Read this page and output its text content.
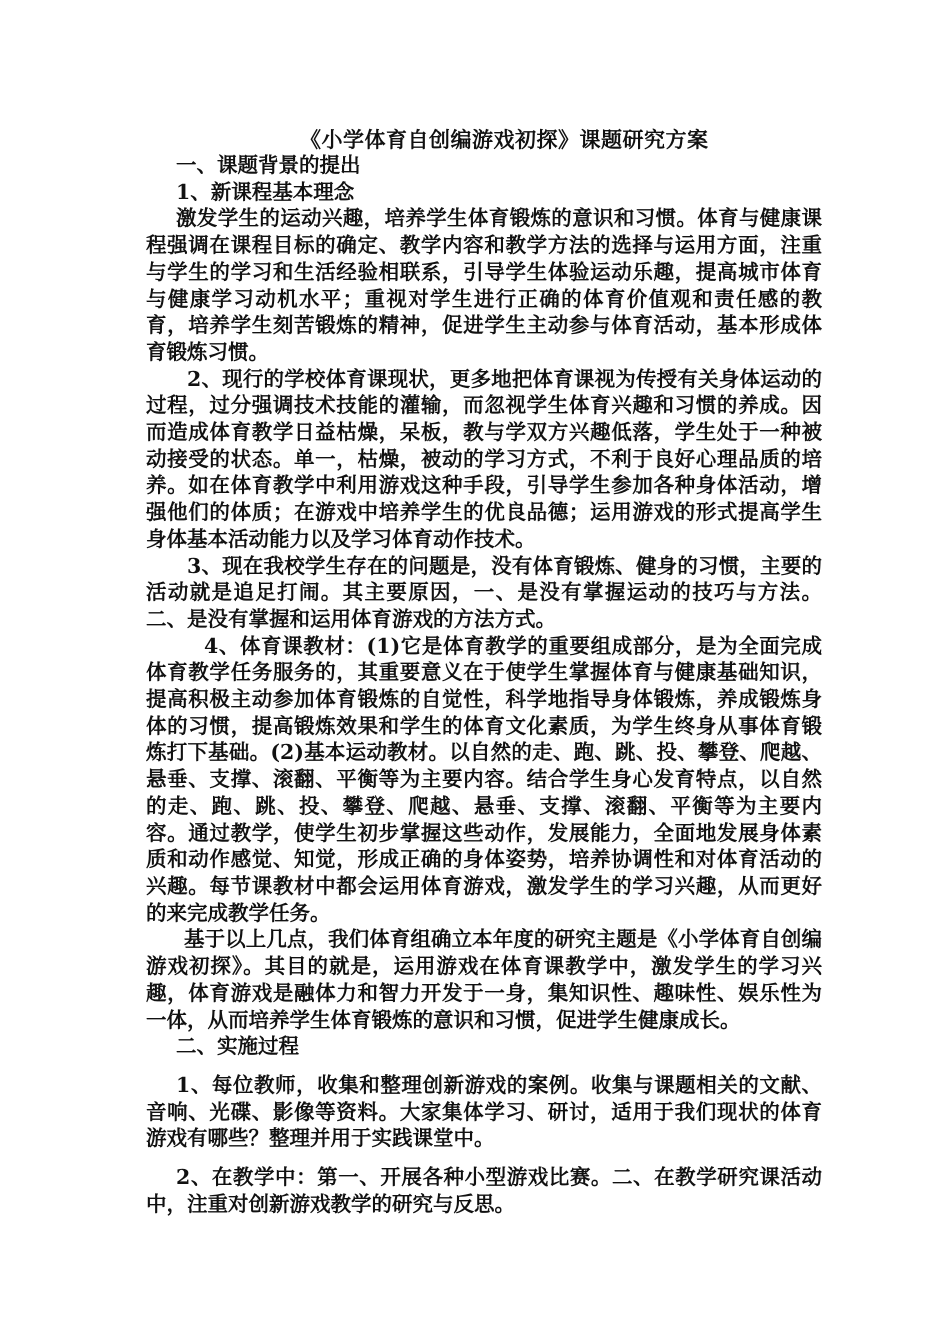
《小学体育自创编游戏初探》课题研究方案

一、课题背景的提出

1、新课程基本理念

激发学生的运动兴趣，培养学生体育锻炼的意识和习惯。体育与健康课程强调在课程目标的确定、教学内容和教学方法的选择与运用方面，注重与学生的学习和生活经验相联系，引导学生体验运动乐趣，提高城市体育与健康学习动机水平；重视对学生进行正确的体育价值观和责任感的教育，培养学生刻苦锻炼的精神，促进学生主动参与体育活动，基本形成体育锻炼习惯。

2、现行的学校体育课现状，更多地把体育课视为传授有关身体运动的过程，过分强调技术技能的灌输，而忽视学生体育兴趣和习惯的养成。因而造成体育教学日益枯燥，呆板，教与学双方兴趣低落，学生处于一种被动接受的状态。单一，枯燥，被动的学习方式，不利于良好心理品质的培养。如在体育教学中利用游戏这种手段，引导学生参加各种身体活动，增强他们的体质；在游戏中培养学生的优良品德；运用游戏的形式提高学生身体基本活动能力以及学习体育动作技术。

3、现在我校学生存在的问题是，没有体育锻炼、健身的习惯，主要的活动就是追足打闹。其主要原因，一、是没有掌握运动的技巧与方法。二、是没有掌握和运用体育游戏的方法方式。

4、体育课教材：(1)它是体育教学的重要组成部分，是为全面完成体育教学任务服务的，其重要意义在于使学生掌握体育与健康基础知识，提高积极主动参加体育锻炼的自觉性，科学地指导身体锻炼，养成锻炼身体的习惯，提高锻炼效果和学生的体育文化素质，为学生终身从事体育锻炼打下基础。(2)基本运动教材。以自然的走、跑、跳、投、攀登、爬越、悬垂、支撑、滚翻、平衡等为主要内容。结合学生身心发育特点，以自然的走、跑、跳、投、攀登、爬越、悬垂、支撑、滚翻、平衡等为主要内容。通过教学，使学生初步掌握这些动作，发展能力，全面地发展身体素质和动作感觉、知觉，形成正确的身体姿势，培养协调性和对体育活动的兴趣。每节课教材中都会运用体育游戏，激发学生的学习兴趣，从而更好的来完成教学任务。

基于以上几点，我们体育组确立本年度的研究主题是《小学体育自创编游戏初探》。其目的就是，运用游戏在体育课教学中，激发学生的学习兴趣，体育游戏是融体力和智力开发于一身，集知识性、趣味性、娱乐性为一体，从而培养学生体育锻炼的意识和习惯，促进学生健康成长。

二、实施过程

1、每位教师，收集和整理创新游戏的案例。收集与课题相关的文献、音响、光碟、影像等资料。大家集体学习、研讨，适用于我们现状的体育游戏有哪些？整理并用于实践课堂中。

2、在教学中：第一、开展各种小型游戏比赛。二、在教学研究课活动中，注重对创新游戏教学的研究与反思。
